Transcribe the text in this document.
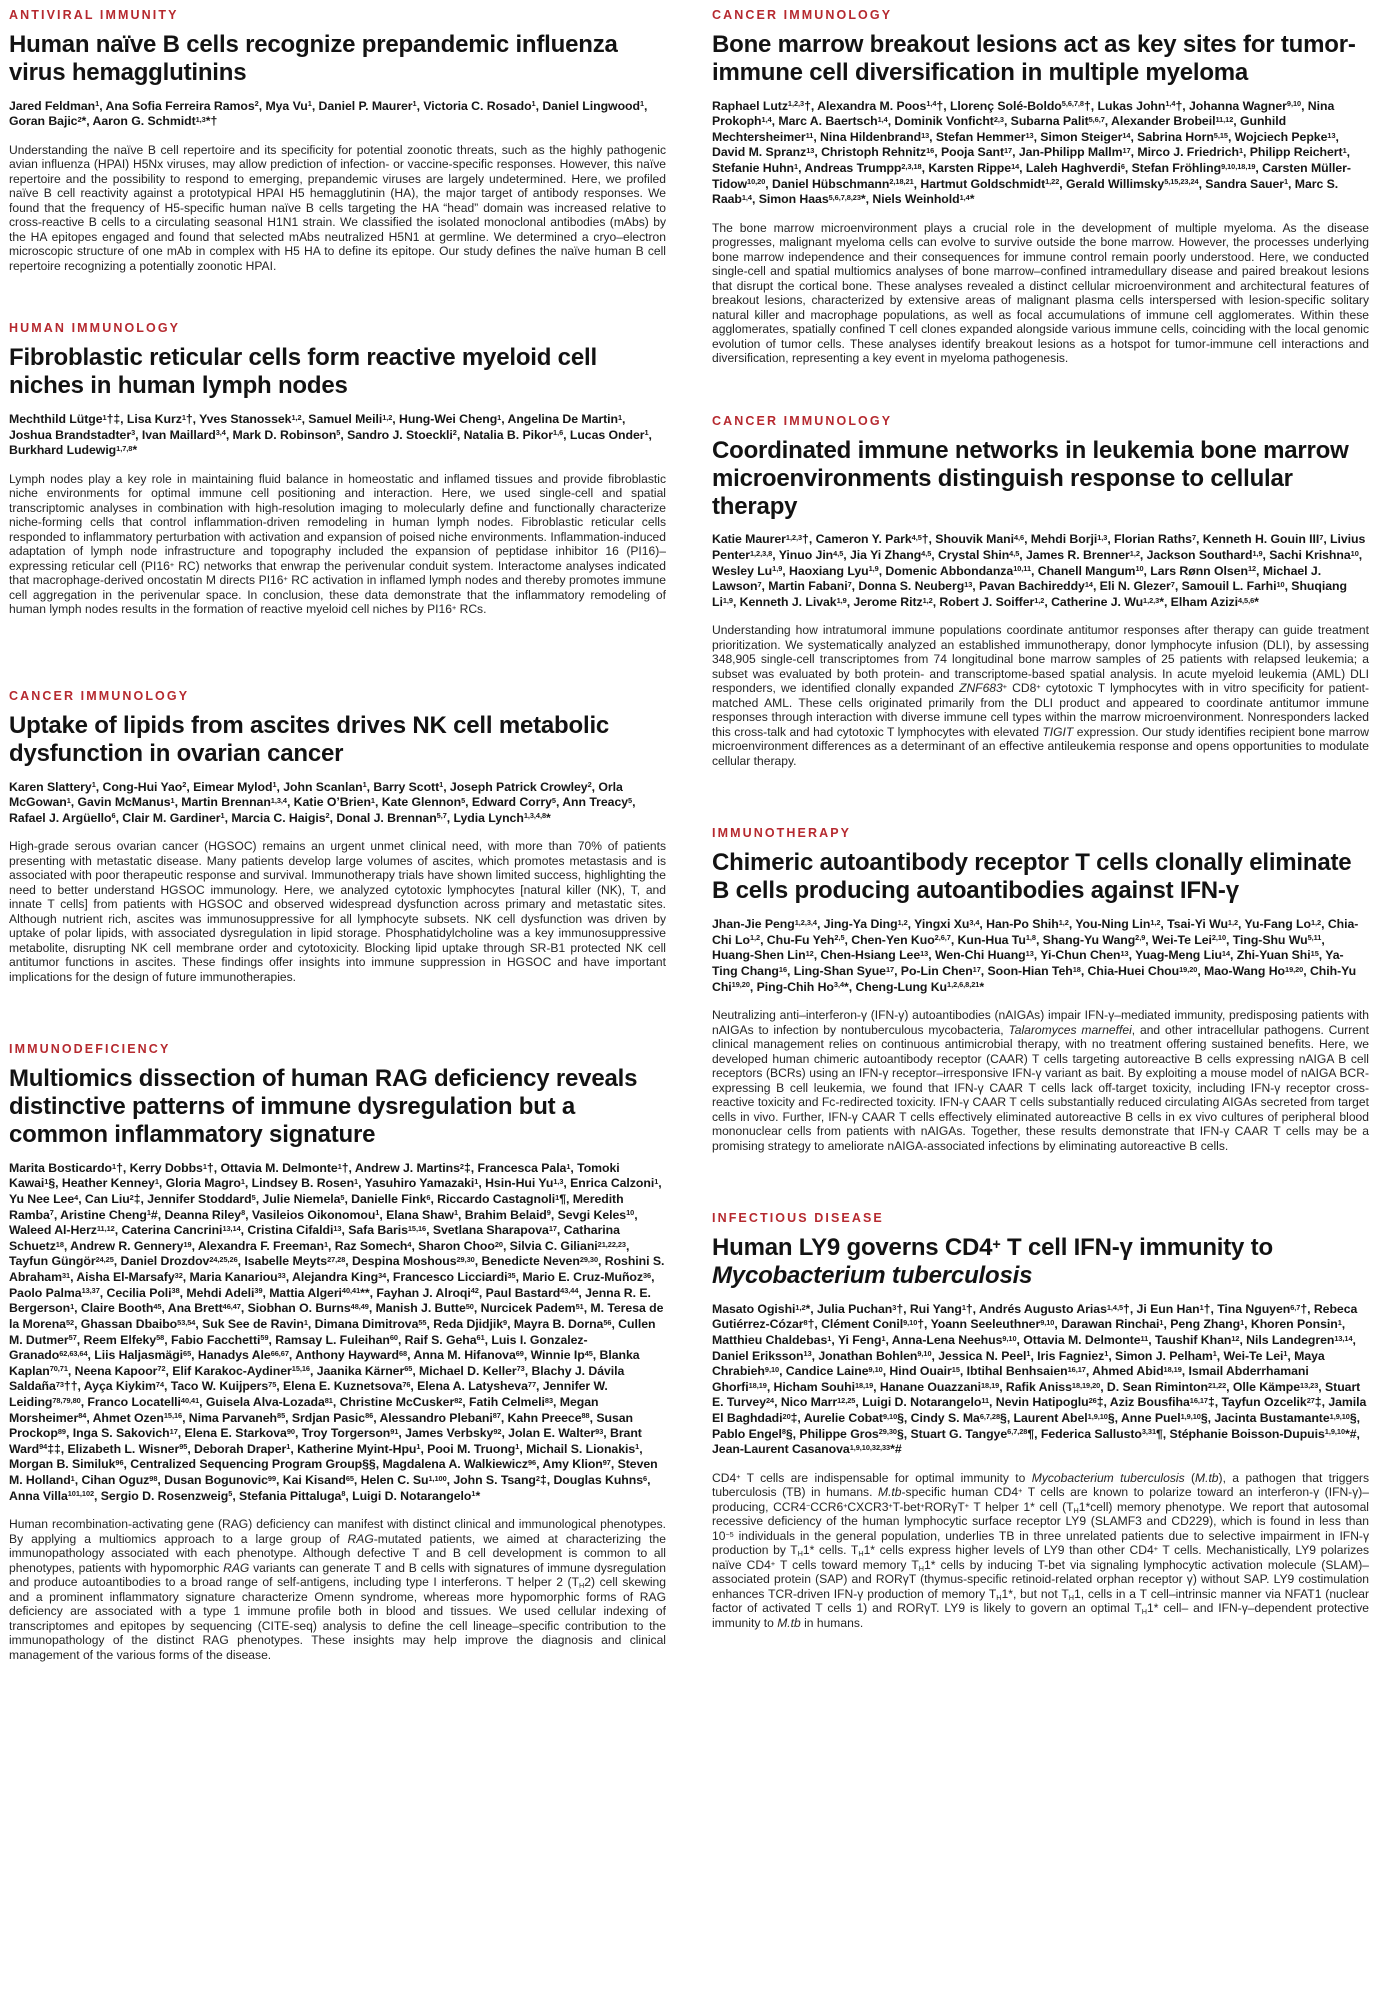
ANTIVIRAL IMMUNITY
Human naïve B cells recognize prepandemic influenza virus hemagglutinins

Jared Feldman$^1$, Ana Sofia Ferreira Ramos$^2$, Mya Vu$^1$, Daniel P. Maurer$^1$, Victoria C. Rosado$^1$, Daniel Lingwood$^1$, Goran Bajic$^2$*, Aaron G. Schmidt$^{1,3}$*†

Understanding the naïve B cell repertoire and its specificity for potential zoonotic threats, such as the highly pathogenic avian influenza (HPAI) H5Nx viruses, may allow prediction of infection- or vaccine-specific responses. However, this naïve repertoire and the possibility to respond to emerging, prepandemic viruses are largely undetermined. Here, we profiled naïve B cell reactivity against a prototypical HPAI H5 hemagglutinin (HA), the major target of antibody responses. We found that the frequency of H5-specific human naïve B cells targeting the HA “head” domain was increased relative to cross-reactive B cells to a circulating seasonal H1N1 strain. We classified the isolated monoclonal antibodies (mAbs) by the HA epitopes engaged and found that selected mAbs neutralized H5N1 at germline. We determined a cryo–electron microscopic structure of one mAb in complex with H5 HA to define its epitope. Our study defines the naïve human B cell repertoire recognizing a potentially zoonotic HPAI.

HUMAN IMMUNOLOGY
Fibroblastic reticular cells form reactive myeloid cell niches in human lymph nodes

Mechthild Lütge$^1$†‡, Lisa Kurz$^1$†, Yves Stanossek$^{1,2}$, Samuel Meili$^{1,2}$, Hung-Wei Cheng$^1$, Angelina De Martin$^1$, Joshua Brandstadter$^3$, Ivan Maillard$^{3,4}$, Mark D. Robinson$^5$, Sandro J. Stoeckli$^2$, Natalia B. Pikor$^{1,6}$, Lucas Onder$^1$, Burkhard Ludewig$^{1,7,8}$*

Lymph nodes play a key role in maintaining fluid balance in homeostatic and inflamed tissues and provide fibroblastic niche environments for optimal immune cell positioning and interaction. Here, we used single-cell and spatial transcriptomic analyses in combination with high-resolution imaging to molecularly define and functionally characterize niche-forming cells that control inflammation-driven remodeling in human lymph nodes. Fibroblastic reticular cells responded to inflammatory perturbation with activation and expansion of poised niche environments. Inflammation-induced adaptation of lymph node infrastructure and topography included the expansion of peptidase inhibitor 16 (PI16)–expressing reticular cell (PI16+ RC) networks that enwrap the perivenular conduit system. Interactome analyses indicated that macrophage-derived oncostatin M directs PI16+ RC activation in inflamed lymph nodes and thereby promotes immune cell aggregation in the perivenular space. In conclusion, these data demonstrate that the inflammatory remodeling of human lymph nodes results in the formation of reactive myeloid cell niches by PI16+ RCs.

CANCER IMMUNOLOGY
Uptake of lipids from ascites drives NK cell metabolic dysfunction in ovarian cancer

Karen Slattery$^1$, Cong-Hui Yao$^2$, Eimear Mylod$^1$, John Scanlan$^1$, Barry Scott$^1$, Joseph Patrick Crowley$^2$, Orla McGowan$^1$, Gavin McManus$^1$, Martin Brennan$^{1,3,4}$, Katie O’Brien$^1$, Kate Glennon$^5$, Edward Corry$^5$, Ann Treacy$^5$, Rafael J. Argüello$^6$, Clair M. Gardiner$^1$, Marcia C. Haigis$^2$, Donal J. Brennan$^{5,7}$, Lydia Lynch$^{1,3,4,8}$*

High-grade serous ovarian cancer (HGSOC) remains an urgent unmet clinical need, with more than 70% of patients presenting with metastatic disease. Many patients develop large volumes of ascites, which promotes metastasis and is associated with poor therapeutic response and survival. Immunotherapy trials have shown limited success, highlighting the need to better understand HGSOC immunology. Here, we analyzed cytotoxic lymphocytes [natural killer (NK), T, and innate T cells] from patients with HGSOC and observed widespread dysfunction across primary and metastatic sites. Although nutrient rich, ascites was immunosuppressive for all lymphocyte subsets. NK cell dysfunction was driven by uptake of polar lipids, with associated dysregulation in lipid storage. Phosphatidylcholine was a key immunosuppressive metabolite, disrupting NK cell membrane order and cytotoxicity. Blocking lipid uptake through SR-B1 protected NK cell antitumor functions in ascites. These findings offer insights into immune suppression in HGSOC and have important implications for the design of future immunotherapies.

IMMUNODEFICIENCY
Multiomics dissection of human RAG deficiency reveals distinctive patterns of immune dysregulation but a common inflammatory signature

Marita Bosticardo$^1$†, Kerry Dobbs$^1$†, Ottavia M. Delmonte$^1$†, Andrew J. Martins$^2$‡, Francesca Pala$^1$, Tomoki Kawai$^1$§, Heather Kenney$^1$, Gloria Magro$^1$, Lindsey B. Rosen$^1$, Yasuhiro Yamazaki$^1$, Hsin-Hui Yu$^{1,3}$, Enrica Calzoni$^1$, Yu Nee Lee$^4$, Can Liu$^2$‡, Jennifer Stoddard$^5$, Julie Niemela$^5$, Danielle Fink$^6$, Riccardo Castagnoli$^1$¶, Meredith Ramba$^7$, Aristine Cheng$^1$#, Deanna Riley$^8$, Vasileios Oikonomou$^1$, Elana Shaw$^1$, Brahim Belaid$^9$, Sevgi Keles$^{10}$, Waleed Al-Herz$^{11,12}$, Caterina Cancrini$^{13,14}$, Cristina Cifaldi$^{13}$, Safa Baris$^{15,16}$, Svetlana Sharapova$^{17}$, Catharina Schuetz$^{18}$, Andrew R. Gennery$^{19}$, Alexandra F. Freeman$^1$, Raz Somech$^4$, Sharon Choo$^{20}$, Silvia C. Giliani$^{21,22,23}$, Tayfun Güngör$^{24,25}$, Daniel Drozdov$^{24,25,26}$, Isabelle Meyts$^{27,28}$, Despina Moshous$^{29,30}$, Benedicte Neven$^{29,30}$, Roshini S. Abraham$^{31}$, Aisha El-Marsafy$^{32}$, Maria Kanariou$^{33}$, Alejandra King$^{34}$, Francesco Licciardi$^{35}$, Mario E. Cruz-Muñoz$^{36}$, Paolo Palma$^{13,37}$, Cecilia Poli$^{38}$, Mehdi Adeli$^{39}$, Mattia Algeri$^{40,41}$**, Fayhan J. Alroqi$^{42}$, Paul Bastard$^{43,44}$, Jenna R. E. Bergerson$^1$, Claire Booth$^{45}$, Ana Brett$^{46,47}$, Siobhan O. Burns$^{48,49}$, Manish J. Butte$^{50}$, Nurcicek Padem$^{51}$, M. Teresa de la Morena$^{52}$, Ghassan Dbaibo$^{53,54}$, Suk See de Ravin$^1$, Dimana Dimitrova$^{55}$, Reda Djidjik$^9$, Mayra B. Dorna$^{56}$, Cullen M. Dutmer$^{57}$, Reem Elfeky$^{58}$, Fabio Facchetti$^{59}$, Ramsay L. Fuleihan$^{60}$, Raif S. Geha$^{61}$, Luis I. Gonzalez-Granado$^{62,63,64}$, Liis Haljasmägi$^{65}$, Hanadys Ale$^{66,67}$, Anthony Hayward$^{68}$, Anna M. Hifanova$^{69}$, Winnie Ip$^{45}$, Blanka Kaplan$^{70,71}$, Neena Kapoor$^{72}$, Elif Karakoc-Aydiner$^{15,16}$, Jaanika Kärner$^{65}$, Michael D. Keller$^{73}$, Blachy J. Dávila Saldaña$^{73}$††, Ayça Kiykim$^{74}$, Taco W. Kuijpers$^{75}$, Elena E. Kuznetsova$^{76}$, Elena A. Latysheva$^{77}$, Jennifer W. Leiding$^{78,79,80}$, Franco Locatelli$^{40,41}$, Guisela Alva-Lozada$^{81}$, Christine McCusker$^{82}$, Fatih Celmeli$^{83}$, Megan Morsheimer$^{84}$, Ahmet Ozen$^{15,16}$, Nima Parvaneh$^{85}$, Srdjan Pasic$^{86}$, Alessandro Plebani$^{87}$, Kahn Preece$^{88}$, Susan Prockop$^{89}$, Inga S. Sakovich$^{17}$, Elena E. Starkova$^{90}$, Troy Torgerson$^{91}$, James Verbsky$^{92}$, Jolan E. Walter$^{93}$, Brant Ward$^{94}$‡‡, Elizabeth L. Wisner$^{95}$, Deborah Draper$^1$, Katherine Myint-Hpu$^1$, Pooi M. Truong$^1$, Michail S. Lionakis$^1$, Morgan B. Similuk$^{96}$, Centralized Sequencing Program Group§§, Magdalena A. Walkiewicz$^{96}$, Amy Klion$^{97}$, Steven M. Holland$^1$, Cihan Oguz$^{98}$, Dusan Bogunovic$^{99}$, Kai Kisand$^{65}$, Helen C. Su$^{1,100}$, John S. Tsang$^2$‡, Douglas Kuhns$^6$, Anna Villa$^{101,102}$, Sergio D. Rosenzweig$^5$, Stefania Pittaluga$^8$, Luigi D. Notarangelo$^1$*

Human recombination-activating gene (RAG) deficiency can manifest with distinct clinical and immunological phenotypes. By applying a multiomics approach to a large group of RAG-mutated patients, we aimed at characterizing the immunopathology associated with each phenotype. Although defective T and B cell development is common to all phenotypes, patients with hypomorphic RAG variants can generate T and B cells with signatures of immune dysregulation and produce autoantibodies to a broad range of self-antigens, including type I interferons. T helper 2 $(T_H2)$ cell skewing and a prominent inflammatory signature characterize Omenn syndrome, whereas more hypomorphic forms of RAG deficiency are associated with a type 1 immune profile both in blood and tissues. We used cellular indexing of transcriptomes and epitopes by sequencing (CITE-seq) analysis to define the cell lineage–specific contribution to the immunopathology of the distinct RAG phenotypes. These insights may help improve the diagnosis and clinical management of the various forms of the disease.

CANCER IMMUNOLOGY
Bone marrow breakout lesions act as key sites for tumor-immune cell diversification in multiple myeloma

Raphael Lutz$^{1,2,3}$†, Alexandra M. Poos$^{1,4}$†, Llorenç Solé-Boldo$^{5,6,7,8}$†, Lukas John$^{1,4}$†, Johanna Wagner$^{9,10}$, Nina Prokoph$^{1,4}$, Marc A. Baertsch$^{1,4}$, Dominik Vonficht$^{2,3}$, Subarna Palit$^{5,6,7}$, Alexander Brobeil$^{11,12}$, Gunhild Mechtersheimer$^{11}$, Nina Hildenbrand$^{13}$, Stefan Hemmer$^{13}$, Simon Steiger$^{14}$, Sabrina Horn$^{5,15}$, Wojciech Pepke$^{13}$, David M. Spranz$^{13}$, Christoph Rehnitz$^{16}$, Pooja Sant$^{17}$, Jan-Philipp Mallm$^{17}$, Mirco J. Friedrich$^1$, Philipp Reichert$^1$, Stefanie Huhn$^1$, Andreas Trumpp$^{2,3,18}$, Karsten Rippe$^{14}$, Laleh Haghverdi$^6$, Stefan Fröhling$^{9,10,18,19}$, Carsten Müller-Tidow$^{10,20}$, Daniel Hübschmann$^{2,18,21}$, Hartmut Goldschmidt$^{1,22}$, Gerald Willimsky$^{5,15,23,24}$, Sandra Sauer$^1$, Marc S. Raab$^{1,4}$, Simon Haas$^{5,6,7,8,23}$*, Niels Weinhold$^{1,4}$*

The bone marrow microenvironment plays a crucial role in the development of multiple myeloma. As the disease progresses, malignant myeloma cells can evolve to survive outside the bone marrow. However, the processes underlying bone marrow independence and their consequences for immune control remain poorly understood. Here, we conducted single-cell and spatial multiomics analyses of bone marrow–confined intramedullary disease and paired breakout lesions that disrupt the cortical bone. These analyses revealed a distinct cellular microenvironment and architectural features of breakout lesions, characterized by extensive areas of malignant plasma cells interspersed with lesion-specific solitary natural killer and macrophage populations, as well as focal accumulations of immune cell agglomerates. Within these agglomerates, spatially confined T cell clones expanded alongside various immune cells, coinciding with the local genomic evolution of tumor cells. These analyses identify breakout lesions as a hotspot for tumor-immune cell interactions and diversification, representing a key event in myeloma pathogenesis.

CANCER IMMUNOLOGY
Coordinated immune networks in leukemia bone marrow microenvironments distinguish response to cellular therapy

Katie Maurer$^{1,2,3}$†, Cameron Y. Park$^{4,5}$†, Shouvik Mani$^{4,6}$, Mehdi Borji$^{1,3}$, Florian Raths$^7$, Kenneth H. Gouin III$^7$, Livius Penter$^{1,2,3,8}$, Yinuo Jin$^{4,5}$, Jia Yi Zhang$^{4,5}$, Crystal Shin$^{4,5}$, James R. Brenner$^{1,2}$, Jackson Southard$^{1,9}$, Sachi Krishna$^{10}$, Wesley Lu$^{1,9}$, Haoxiang Lyu$^{1,9}$, Domenic Abbondanza$^{10,11}$, Chanell Mangum$^{10}$, Lars Rønn Olsen$^{12}$, Michael J. Lawson$^7$, Martin Fabani$^7$, Donna S. Neuberg$^{13}$, Pavan Bachireddy$^{14}$, Eli N. Glezer$^7$, Samouil L. Farhi$^{10}$, Shuqiang Li$^{1,9}$, Kenneth J. Livak$^{1,9}$, Jerome Ritz$^{1,2}$, Robert J. Soiffer$^{1,2}$, Catherine J. Wu$^{1,2,3}$*, Elham Azizi$^{4,5,6}$*

Understanding how intratumoral immune populations coordinate antitumor responses after therapy can guide treatment prioritization. We systematically analyzed an established immunotherapy, donor lymphocyte infusion (DLI), by assessing 348,905 single-cell transcriptomes from 74 longitudinal bone marrow samples of 25 patients with relapsed leukemia; a subset was evaluated by both protein- and transcriptome-based spatial analysis. In acute myeloid leukemia (AML) DLI responders, we identified clonally expanded ZNF683+ CD8+ cytotoxic T lymphocytes with in vitro specificity for patient-matched AML. These cells originated primarily from the DLI product and appeared to coordinate antitumor immune responses through interaction with diverse immune cell types within the marrow microenvironment. Nonresponders lacked this cross-talk and had cytotoxic T lymphocytes with elevated TIGIT expression. Our study identifies recipient bone marrow microenvironment differences as a determinant of an effective antileukemia response and opens opportunities to modulate cellular therapy.

IMMUNOTHERAPY
Chimeric autoantibody receptor T cells clonally eliminate B cells producing autoantibodies against IFN-γ

Jhan-Jie Peng$^{1,2,3,4}$, Jing-Ya Ding$^{1,2}$, Yingxi Xu$^{3,4}$, Han-Po Shih$^{1,2}$, You-Ning Lin$^{1,2}$, Tsai-Yi Wu$^{1,2}$, Yu-Fang Lo$^{1,2}$, Chia-Chi Lo$^{1,2}$, Chu-Fu Yeh$^{2,5}$, Chen-Yen Kuo$^{2,6,7}$, Kun-Hua Tu$^{1,8}$, Shang-Yu Wang$^{2,9}$, Wei-Te Lei$^{2,10}$, Ting-Shu Wu$^{5,11}$, Huang-Shen Lin$^{12}$, Chen-Hsiang Lee$^{13}$, Wen-Chi Huang$^{13}$, Yi-Chun Chen$^{13}$, Yuag-Meng Liu$^{14}$, Zhi-Yuan Shi$^{15}$, Ya-Ting Chang$^{16}$, Ling-Shan Syue$^{17}$, Po-Lin Chen$^{17}$, Soon-Hian Teh$^{18}$, Chia-Huei Chou$^{19,20}$, Mao-Wang Ho$^{19,20}$, Chih-Yu Chi$^{19,20}$, Ping-Chih Ho$^{3,4}$*, Cheng-Lung Ku$^{1,2,6,8,21}$*

Neutralizing anti–interferon-γ (IFN-γ) autoantibodies (nAIGAs) impair IFN-γ–mediated immunity, predisposing patients with nAIGAs to infection by nontuberculous mycobacteria, Talaromyces marneffei, and other intracellular pathogens. Current clinical management relies on continuous antimicrobial therapy, with no treatment offering sustained benefits. Here, we developed human chimeric autoantibody receptor (CAAR) T cells targeting autoreactive B cells expressing nAIGA B cell receptors (BCRs) using an IFN-γ receptor–irresponsive IFN-γ variant as bait. By exploiting a mouse model of nAIGA BCR-expressing B cell leukemia, we found that IFN-γ CAAR T cells lack off-target toxicity, including IFN-γ receptor cross-reactive toxicity and Fc-redirected toxicity. IFN-γ CAAR T cells substantially reduced circulating AIGAs secreted from target cells in vivo. Further, IFN-γ CAAR T cells effectively eliminated autoreactive B cells in ex vivo cultures of peripheral blood mononuclear cells from patients with nAIGAs. Together, these results demonstrate that IFN-γ CAAR T cells may be a promising strategy to ameliorate nAIGA-associated infections by eliminating autoreactive B cells.

INFECTIOUS DISEASE
Human LY9 governs CD4+ T cell IFN-γ immunity to Mycobacterium tuberculosis

Masato Ogishi$^{1,2}$*, Julia Puchan$^3$†, Rui Yang$^1$†, Andrés Augusto Arias$^{1,4,5}$†, Ji Eun Han$^1$†, Tina Nguyen$^{6,7}$†, Rebeca Gutiérrez-Cózar$^8$†, Clément Conil$^{9,10}$†, Yoann Seeleuthner$^{9,10}$, Darawan Rinchai$^1$, Peng Zhang$^1$, Khoren Ponsin$^1$, Matthieu Chaldebas$^1$, Yi Feng$^1$, Anna-Lena Neehus$^{9,10}$, Ottavia M. Delmonte$^{11}$, Taushif Khan$^{12}$, Nils Landegren$^{13,14}$, Daniel Eriksson$^{13}$, Jonathan Bohlen$^{9,10}$, Jessica N. Peel$^1$, Iris Fagniez$^1$, Simon J. Pelham$^1$, Wei-Te Lei$^1$, Maya Chrabieh$^{9,10}$, Candice Laine$^{9,10}$, Hind Ouair$^{15}$, Ibtihal Benhsaien$^{16,17}$, Ahmed Abid$^{18,19}$, Ismail Abderrhamani Ghorfi$^{18,19}$, Hicham Souhi$^{18,19}$, Hanane Ouazzani$^{18,19}$, Rafik Aniss$^{18,19,20}$, D. Sean Riminton$^{21,22}$, Olle Kämpe$^{13,23}$, Stuart E. Turvey$^{24}$, Nico Marr$^{12,25}$, Luigi D. Notarangelo$^{11}$, Nevin Hatipoglu$^{26}$‡, Aziz Bousfiha$^{16,17}$‡, Tayfun Ozcelik$^{27}$‡, Jamila El Baghdadi$^{20}$‡, Aurelie Cobat$^{9,10}$§, Cindy S. Ma$^{6,7,28}$§, Laurent Abel$^{1,9,10}$§, Anne Puel$^{1,9,10}$§, Jacinta Bustamante$^{1,9,10}$§, Pablo Engel$^8$§, Philippe Gros$^{29,30}$§, Stuart G. Tangye$^{6,7,28}$¶, Federica Sallusto$^{3,31}$¶, Stéphanie Boisson-Dupuis$^{1,9,10}$*#, Jean-Laurent Casanova$^{1,9,10,32,33}$*#

CD4+ T cells are indispensable for optimal immunity to Mycobacterium tuberculosis (M.tb), a pathogen that triggers tuberculosis (TB) in humans. M.tb-specific human CD4+ T cells are known to polarize toward an interferon-γ (IFN-γ)–producing, CCR4−CCR6+CXCR3+T-bet+RORγT+ T helper 1* cell $(T_H1*cell)$ memory phenotype. We report that autosomal recessive deficiency of the human lymphocytic surface receptor LY9 (SLAMF3 and CD229), which is found in less than $10^{-5}$ individuals in the general population, underlies TB in three unrelated patients due to selective impairment in IFN-γ production by $T_H1*$ cells. $T_H1*$ cells express higher levels of LY9 than other CD4+ T cells. Mechanistically, LY9 polarizes naïve CD4+ T cells toward memory $T_H1*$ cells by inducing T-bet via signaling lymphocytic activation molecule (SLAM)–associated protein (SAP) and RORγT (thymus-specific retinoid-related orphan receptor γ) without SAP. LY9 costimulation enhances TCR-driven IFN-γ production of memory $T_H1*$, but not $T_H1$, cells in a T cell–intrinsic manner via NFAT1 (nuclear factor of activated T cells 1) and RORγT. LY9 is likely to govern an optimal $T_H1*$ cell– and IFN-γ–dependent protective immunity to M.tb in humans.
